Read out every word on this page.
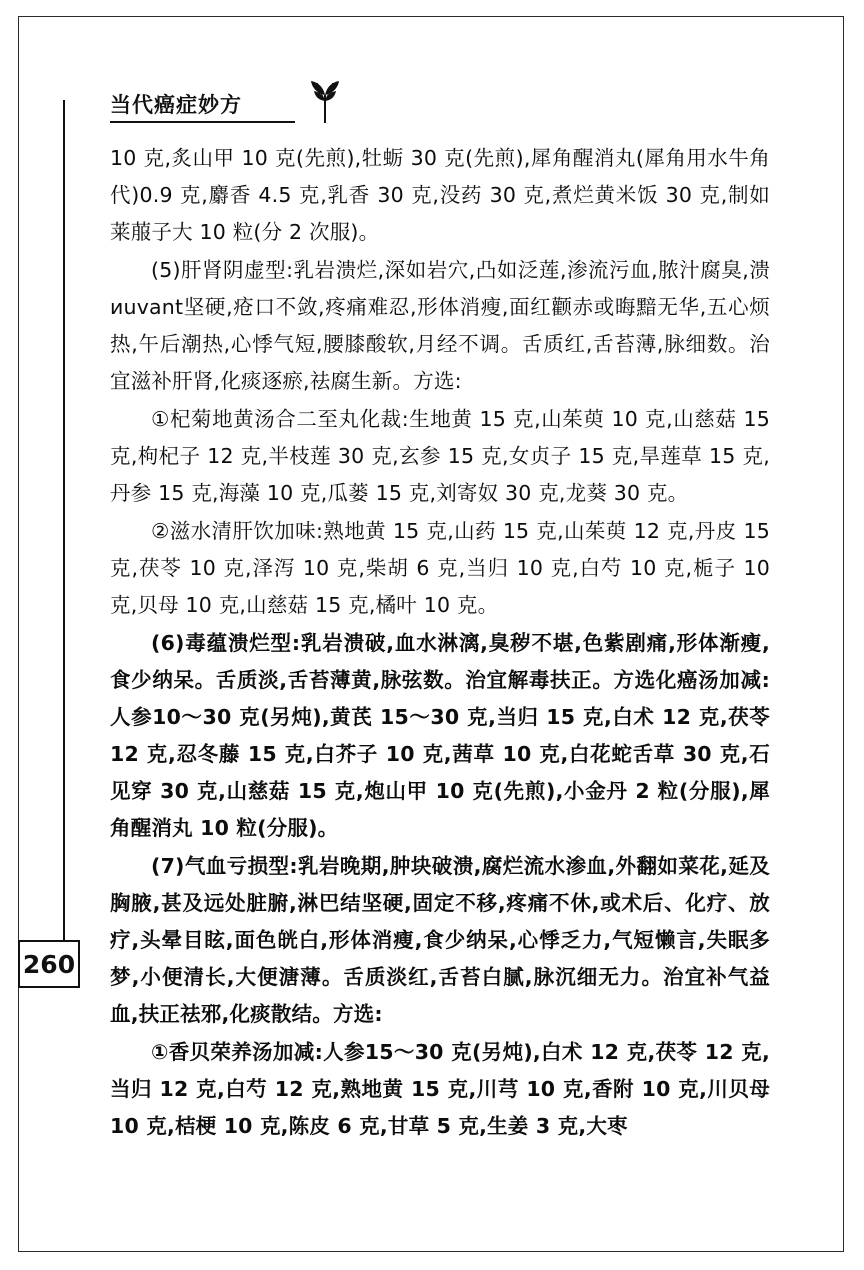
当代癌症妙方
260

10 克,炙山甲 10 克(先煎),牡蛎 30 克(先煎),犀角醒消丸(犀角用水牛角代)0.9 克,麝香 4.5 克,乳香 30 克,没药 30 克,煮烂黄米饭 30 克,制如莱菔子大 10 粒(分 2 次服)。

(5)肝肾阴虚型:乳岩溃烂,深如岩穴,凸如泛莲,渗流污血,脓汁腐臭,溃иuvant坚硬,疮口不敛,疼痛难忍,形体消瘦,面红颧赤或晦黯无华,五心烦热,午后潮热,心悸气短,腰膝酸软,月经不调。舌质红,舌苔薄,脉细数。治宜滋补肝肾,化痰逐瘀,祛腐生新。方选:

①杞菊地黄汤合二至丸化裁:生地黄 15 克,山茱萸 10 克,山慈菇 15 克,枸杞子 12 克,半枝莲 30 克,玄参 15 克,女贞子 15 克,旱莲草 15 克,丹参 15 克,海藻 10 克,瓜蒌 15 克,刘寄奴 30 克,龙葵 30 克。

②滋水清肝饮加味:熟地黄 15 克,山药 15 克,山茱萸 12 克,丹皮 15 克,茯苓 10 克,泽泻 10 克,柴胡 6 克,当归 10 克,白芍 10 克,栀子 10 克,贝母 10 克,山慈菇 15 克,橘叶 10 克。

(6)毒蕴溃烂型:乳岩溃破,血水淋漓,臭秽不堪,色紫剧痛,形体渐瘦,食少纳呆。舌质淡,舌苔薄黄,脉弦数。治宜解毒扶正。方选化癌汤加减:人参10～30 克(另炖),黄芪 15～30 克,当归 15 克,白术 12 克,茯苓 12 克,忍冬藤 15 克,白芥子 10 克,茜草 10 克,白花蛇舌草 30 克,石见穿 30 克,山慈菇 15 克,炮山甲 10 克(先煎),小金丹 2 粒(分服),犀角醒消丸 10 粒(分服)。

(7)气血亏损型:乳岩晚期,肿块破溃,腐烂流水渗血,外翻如菜花,延及胸腋,甚及远处脏腑,淋巴结坚硬,固定不移,疼痛不休,或术后、化疗、放疗,头晕目眩,面色㿠白,形体消瘦,食少纳呆,心悸乏力,气短懒言,失眠多梦,小便清长,大便溏薄。舌质淡红,舌苔白腻,脉沉细无力。治宜补气益血,扶正祛邪,化痰散结。方选:

①香贝荣养汤加减:人参15～30 克(另炖),白术 12 克,茯苓 12 克,当归 12 克,白芍 12 克,熟地黄 15 克,川芎 10 克,香附 10 克,川贝母 10 克,桔梗 10 克,陈皮 6 克,甘草 5 克,生姜 3 克,大枣
